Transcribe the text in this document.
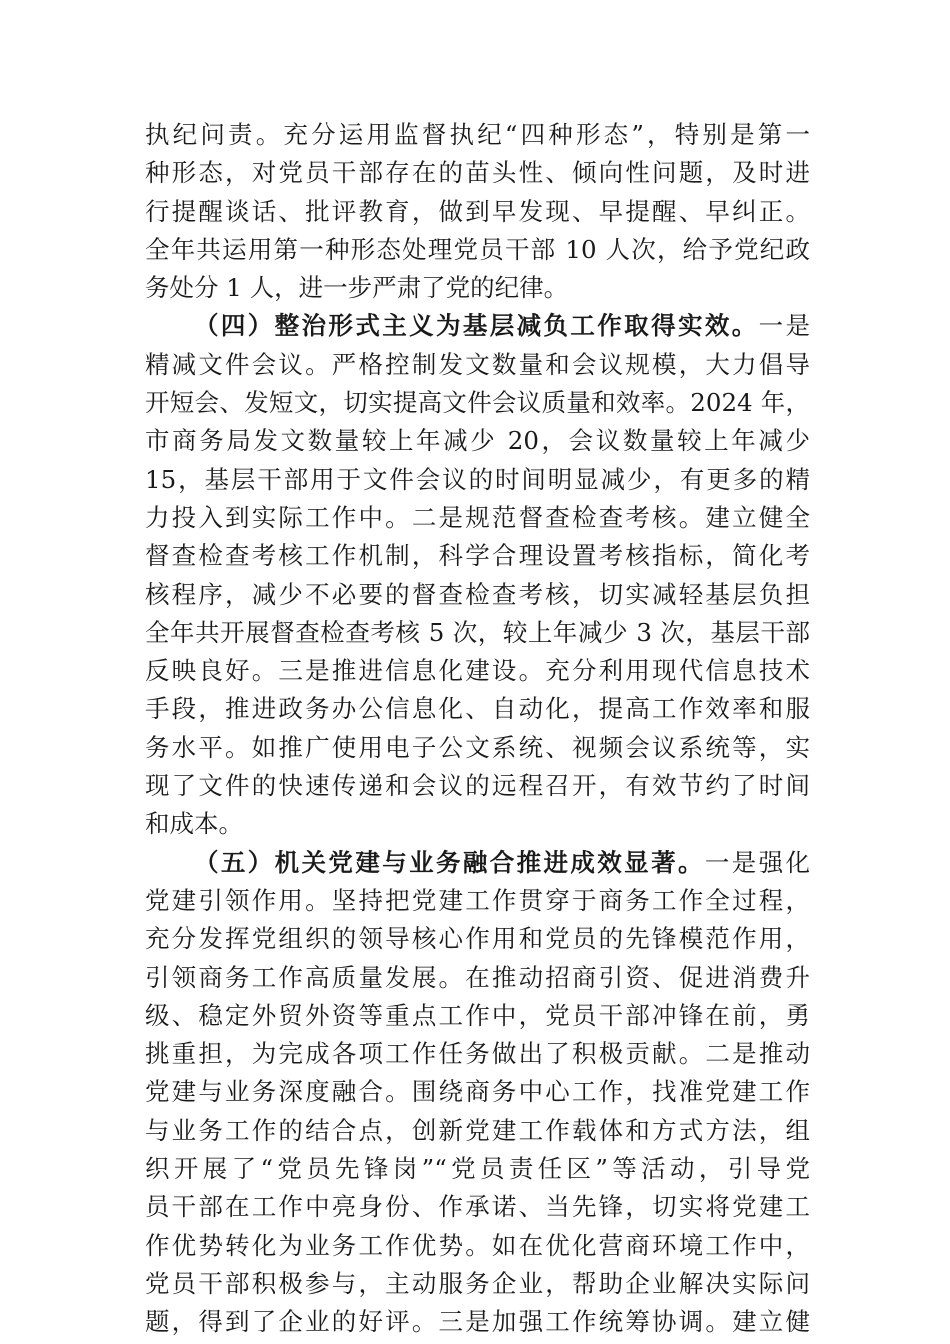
执纪问责。充分运用监督执纪“四种形态”，特别是第一
种形态，对党员干部存在的苗头性、倾向性问题，及时进
行提醒谈话、批评教育，做到早发现、早提醒、早纠正。
全年共运用第一种形态处理党员干部 10 人次，给予党纪政
务处分 1 人，进一步严肃了党的纪律。
（四）整治形式主义为基层减负工作取得实效。一是
精减文件会议。严格控制发文数量和会议规模，大力倡导
开短会、发短文，切实提高文件会议质量和效率。2024 年，
市商务局发文数量较上年减少 20，会议数量较上年减少
15，基层干部用于文件会议的时间明显减少，有更多的精
力投入到实际工作中。二是规范督查检查考核。建立健全
督查检查考核工作机制，科学合理设置考核指标，简化考
核程序，减少不必要的督查检查考核，切实减轻基层负担
全年共开展督查检查考核 5 次，较上年减少 3 次，基层干部
反映良好。三是推进信息化建设。充分利用现代信息技术
手段，推进政务办公信息化、自动化，提高工作效率和服
务水平。如推广使用电子公文系统、视频会议系统等，实
现了文件的快速传递和会议的远程召开，有效节约了时间
和成本。
（五）机关党建与业务融合推进成效显著。一是强化
党建引领作用。坚持把党建工作贯穿于商务工作全过程，
充分发挥党组织的领导核心作用和党员的先锋模范作用，
引领商务工作高质量发展。在推动招商引资、促进消费升
级、稳定外贸外资等重点工作中，党员干部冲锋在前，勇
挑重担，为完成各项工作任务做出了积极贡献。二是推动
党建与业务深度融合。围绕商务中心工作，找准党建工作
与业务工作的结合点，创新党建工作载体和方式方法，组
织开展了“党员先锋岗”“党员责任区”等活动，引导党
员干部在工作中亮身份、作承诺、当先锋，切实将党建工
作优势转化为业务工作优势。如在优化营商环境工作中，
党员干部积极参与，主动服务企业，帮助企业解决实际问
题，得到了企业的好评。三是加强工作统筹协调。建立健
